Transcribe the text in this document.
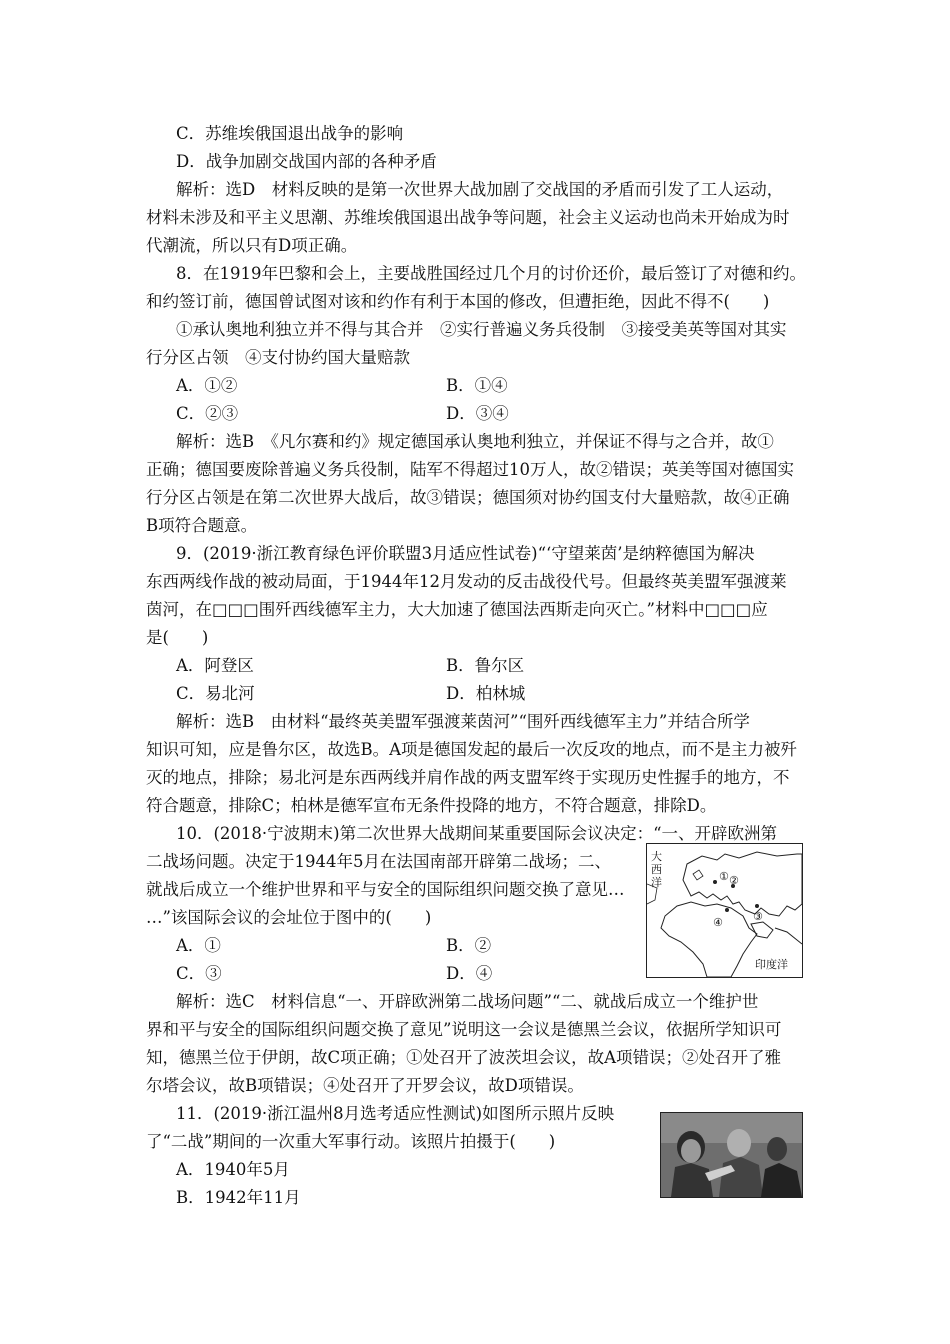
C．苏维埃俄国退出战争的影响
D．战争加剧交战国内部的各种矛盾
解析：选D　材料反映的是第一次世界大战加剧了交战国的矛盾而引发了工人运动，
材料未涉及和平主义思潮、苏维埃俄国退出战争等问题，社会主义运动也尚未开始成为时
代潮流，所以只有D项正确。
8．在1919年巴黎和会上，主要战胜国经过几个月的讨价还价，最后签订了对德和约。
和约签订前，德国曾试图对该和约作有利于本国的修改，但遭拒绝，因此不得不(　　)
①承认奥地利独立并不得与其合并　②实行普遍义务兵役制　③接受美英等国对其实
行分区占领　④支付协约国大量赔款
A．①②	B．①④
C．②③	D．③④
解析：选B　《凡尔赛和约》规定德国承认奥地利独立，并保证不得与之合并，故①
正确；德国要废除普遍义务兵役制，陆军不得超过10万人，故②错误；英美等国对德国实
行分区占领是在第二次世界大战后，故③错误；德国须对协约国支付大量赔款，故④正确
B项符合题意。
9．(2019·浙江教育绿色评价联盟3月适应性试卷)“‘守望莱茵’是纳粹德国为解决
东西两线作战的被动局面，于1944年12月发动的反击战役代号。但最终英美盟军强渡莱
茵河，在□□□围歼西线德军主力，大大加速了德国法西斯走向灭亡。”材料中□□□应
是(　　)
A．阿登区	B．鲁尔区
C．易北河	D．柏林城
解析：选B　由材料“最终英美盟军强渡莱茵河”“围歼西线德军主力”并结合所学
知识可知，应是鲁尔区，故选B。A项是德国发起的最后一次反攻的地点，而不是主力被歼
灭的地点，排除；易北河是东西两线并肩作战的两支盟军终于实现历史性握手的地方，不
符合题意，排除C；柏林是德军宣布无条件投降的地方，不符合题意，排除D。
10．(2018·宁波期末)第二次世界大战期间某重要国际会议决定：“一、开辟欧洲第
二战场问题。决定于1944年5月在法国南部开辟第二战场；二、
就战后成立一个维护世界和平与安全的国际组织问题交换了意见…
…”该国际会议的会址位于图中的(　　)
A．①	B．②
C．③	D．④
大西洋	① ②
③
④
印度洋
解析：选C　材料信息“一、开辟欧洲第二战场问题”“二、就战后成立一个维护世
界和平与安全的国际组织问题交换了意见”说明这一会议是德黑兰会议，依据所学知识可
知，德黑兰位于伊朗，故C项正确；①处召开了波茨坦会议，故A项错误；②处召开了雅
尔塔会议，故B项错误；④处召开了开罗会议，故D项错误。
11．(2019·浙江温州8月选考适应性测试)如图所示照片反映
了“二战”期间的一次重大军事行动。该照片拍摄于(　　)
A．1940年5月
B．1942年11月
